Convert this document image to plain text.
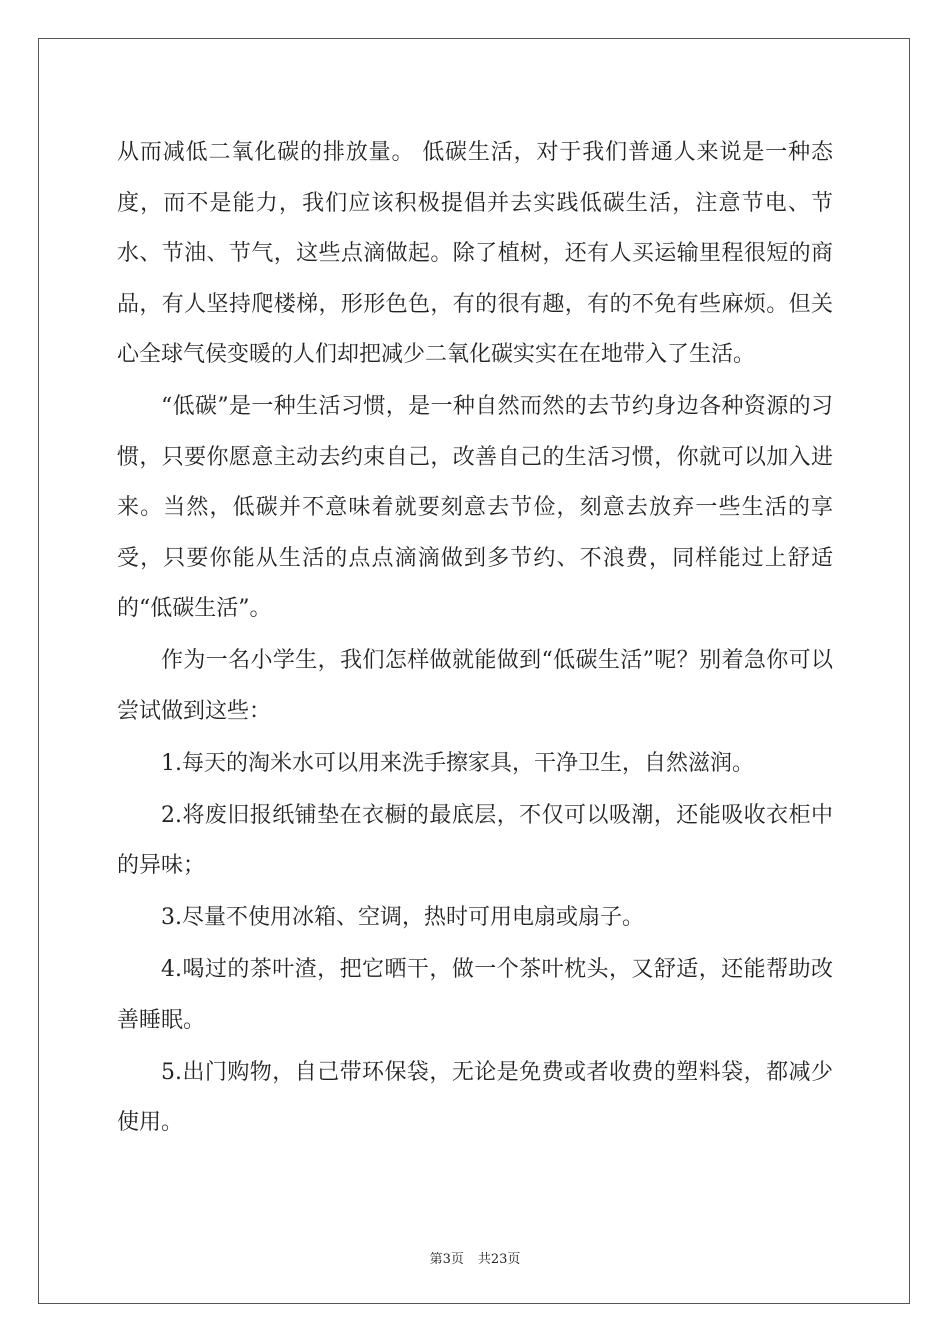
从而减低二氧化碳的排放量。 低碳生活，对于我们普通人来说是一种态度，而不是能力，我们应该积极提倡并去实践低碳生活，注意节电、节水、节油、节气，这些点滴做起。除了植树，还有人买运输里程很短的商品，有人坚持爬楼梯，形形色色，有的很有趣，有的不免有些麻烦。但关心全球气侯变暖的人们却把减少二氧化碳实实在在地带入了生活。

“低碳”是一种生活习惯，是一种自然而然的去节约身边各种资源的习惯，只要你愿意主动去约束自己，改善自己的生活习惯，你就可以加入进来。当然，低碳并不意味着就要刻意去节俭，刻意去放弃一些生活的享受，只要你能从生活的点点滴滴做到多节约、不浪费，同样能过上舒适的“低碳生活”。

作为一名小学生，我们怎样做就能做到“低碳生活”呢？别着急你可以尝试做到这些：

1.每天的淘米水可以用来洗手擦家具，干净卫生，自然滋润。

2.将废旧报纸铺垫在衣橱的最底层，不仅可以吸潮，还能吸收衣柜中的异味；

3.尽量不使用冰箱、空调，热时可用电扇或扇子。

4.喝过的茶叶渣，把它晒干，做一个茶叶枕头，又舒适，还能帮助改善睡眠。

5.出门购物，自己带环保袋，无论是免费或者收费的塑料袋，都减少使用。

第3页 共23页
